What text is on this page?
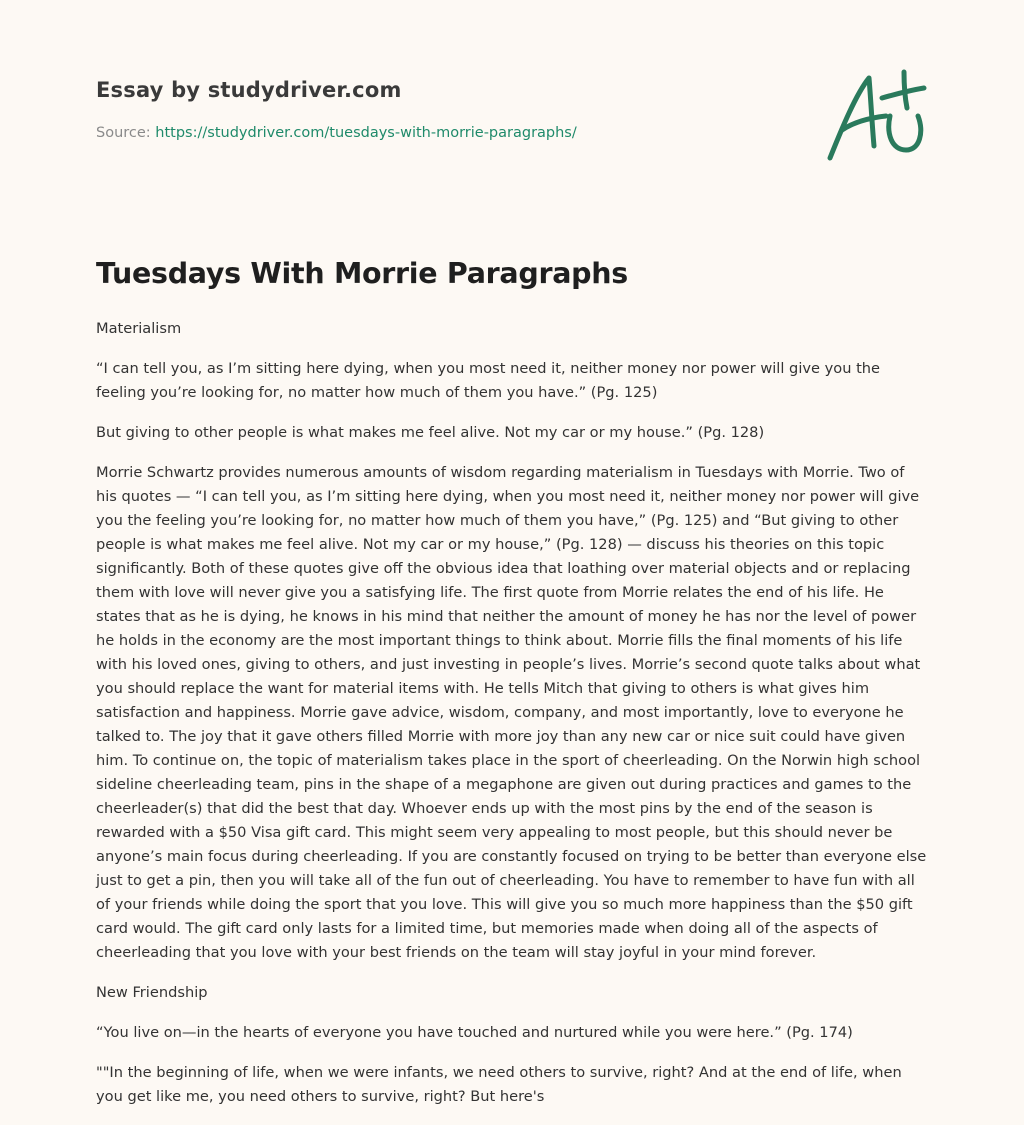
Essay by studydriver.com

Source: https://studydriver.com/tuesdays-with-morrie-paragraphs/
Tuesdays With Morrie Paragraphs

Materialism

“I can tell you, as I’m sitting here dying, when you most need it, neither money nor power will give you the feeling you’re looking for, no matter how much of them you have.” (Pg. 125)

But giving to other people is what makes me feel alive. Not my car or my house.” (Pg. 128)

Morrie Schwartz provides numerous amounts of wisdom regarding materialism in Tuesdays with Morrie. Two of his quotes — “I can tell you, as I’m sitting here dying, when you most need it, neither money nor power will give you the feeling you’re looking for, no matter how much of them you have,” (Pg. 125) and “But giving to other people is what makes me feel alive. Not my car or my house,” (Pg. 128) — discuss his theories on this topic significantly. Both of these quotes give off the obvious idea that loathing over material objects and or replacing them with love will never give you a satisfying life. The first quote from Morrie relates the end of his life. He states that as he is dying, he knows in his mind that neither the amount of money he has nor the level of power he holds in the economy are the most important things to think about. Morrie fills the final moments of his life with his loved ones, giving to others, and just investing in people’s lives. Morrie’s second quote talks about what you should replace the want for material items with. He tells Mitch that giving to others is what gives him satisfaction and happiness. Morrie gave advice, wisdom, company, and most importantly, love to everyone he talked to. The joy that it gave others filled Morrie with more joy than any new car or nice suit could have given him. To continue on, the topic of materialism takes place in the sport of cheerleading. On the Norwin high school sideline cheerleading team, pins in the shape of a megaphone are given out during practices and games to the cheerleader(s) that did the best that day. Whoever ends up with the most pins by the end of the season is rewarded with a $50 Visa gift card. This might seem very appealing to most people, but this should never be anyone’s main focus during cheerleading. If you are constantly focused on trying to be better than everyone else just to get a pin, then you will take all of the fun out of cheerleading. You have to remember to have fun with all of your friends while doing the sport that you love. This will give you so much more happiness than the $50 gift card would. The gift card only lasts for a limited time, but memories made when doing all of the aspects of cheerleading that you love with your best friends on the team will stay joyful in your mind forever.

New Friendship

“You live on—in the hearts of everyone you have touched and nurtured while you were here.” (Pg. 174)

""In the beginning of life, when we were infants, we need others to survive, right? And at the end of life, when you get like me, you need others to survive, right? But here's
